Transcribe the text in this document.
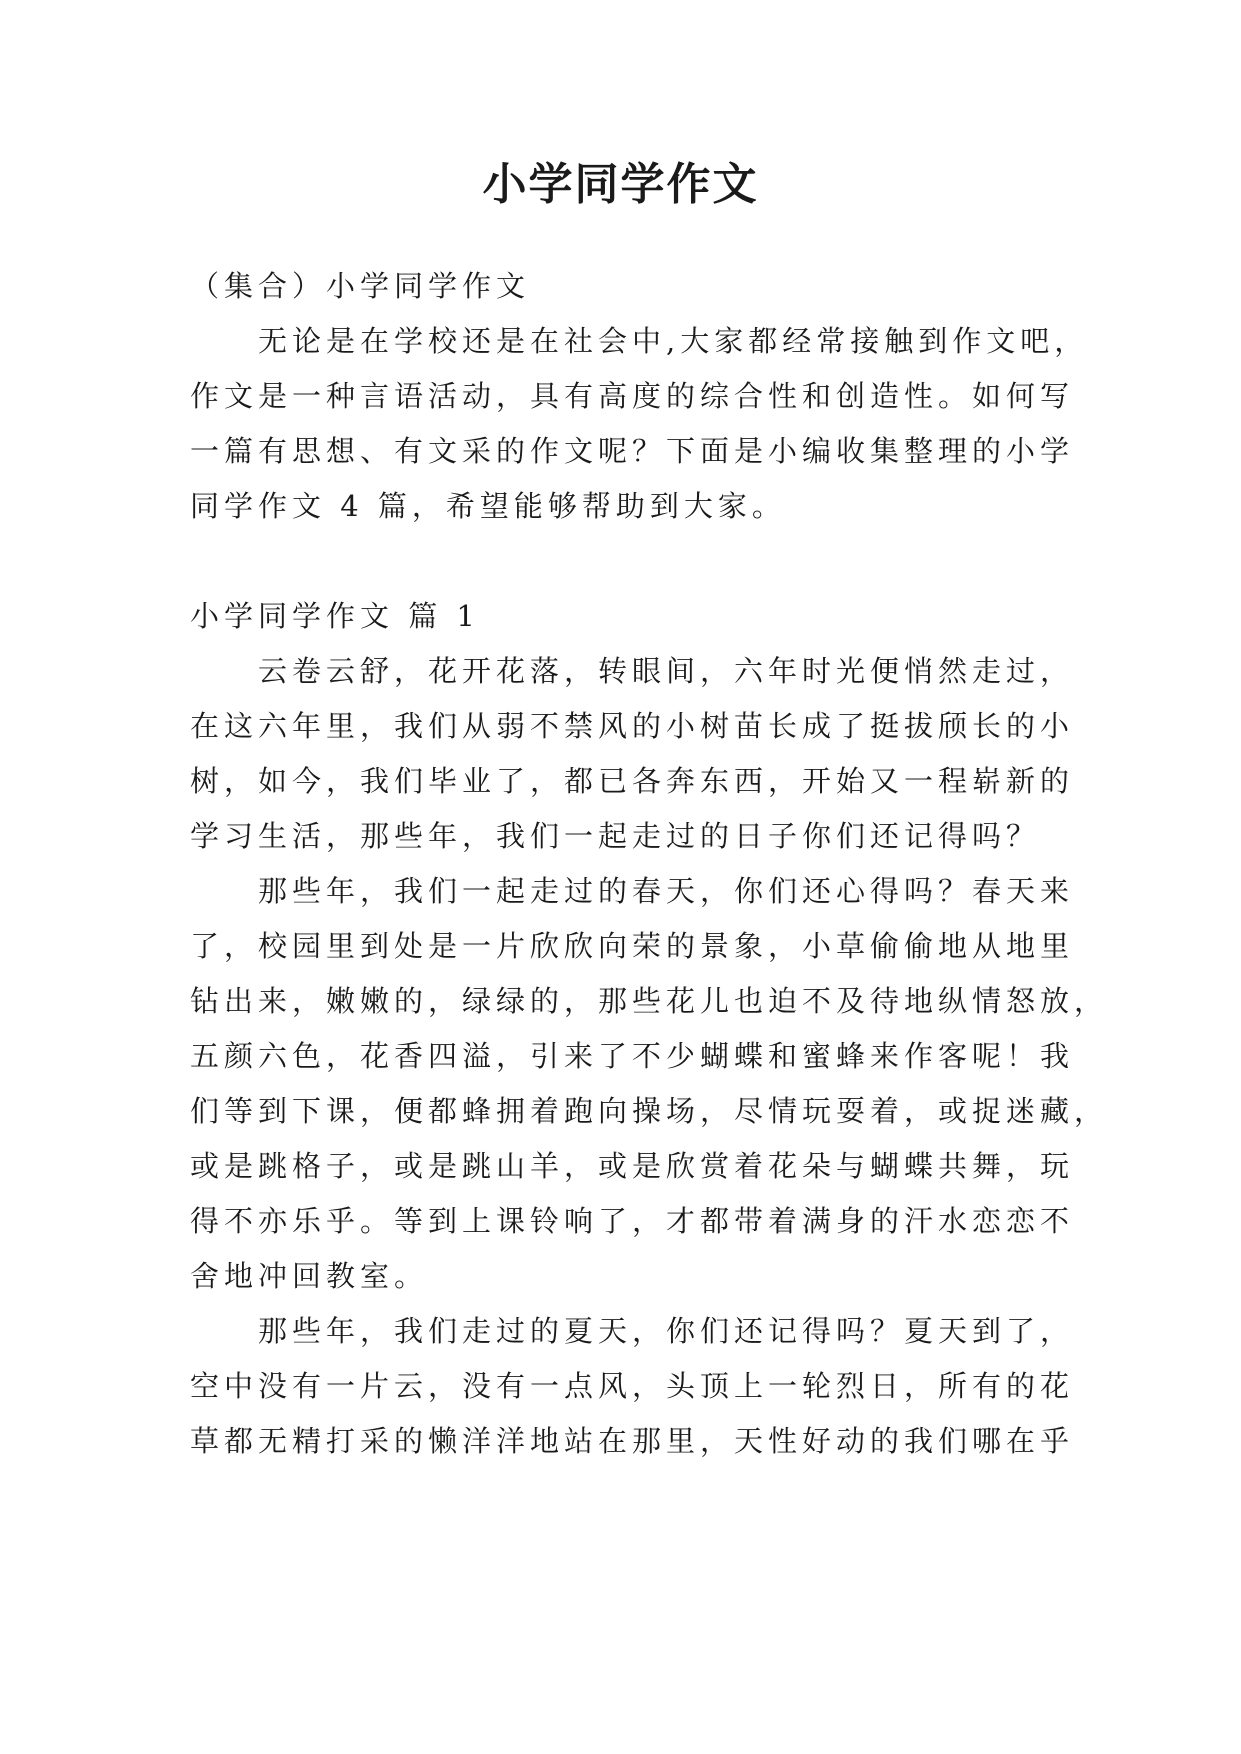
小学同学作文
（集合）小学同学作文
无论是在学校还是在社会中,大家都经常接触到作文吧，
作文是一种言语活动，具有高度的综合性和创造性。如何写
一篇有思想、有文采的作文呢？下面是小编收集整理的小学
同学作文 4 篇，希望能够帮助到大家。
小学同学作文 篇 1
云卷云舒，花开花落，转眼间，六年时光便悄然走过，
在这六年里，我们从弱不禁风的小树苗长成了挺拔颀长的小
树，如今，我们毕业了，都已各奔东西，开始又一程崭新的
学习生活，那些年，我们一起走过的日子你们还记得吗？
那些年，我们一起走过的春天，你们还心得吗？春天来
了，校园里到处是一片欣欣向荣的景象，小草偷偷地从地里
钻出来，嫩嫩的，绿绿的，那些花儿也迫不及待地纵情怒放，
五颜六色，花香四溢，引来了不少蝴蝶和蜜蜂来作客呢！我
们等到下课，便都蜂拥着跑向操场，尽情玩耍着，或捉迷藏，
或是跳格子，或是跳山羊，或是欣赏着花朵与蝴蝶共舞，玩
得不亦乐乎。等到上课铃响了，才都带着满身的汗水恋恋不
舍地冲回教室。
那些年，我们走过的夏天，你们还记得吗？夏天到了，
空中没有一片云，没有一点风，头顶上一轮烈日，所有的花
草都无精打采的懒洋洋地站在那里，天性好动的我们哪在乎
